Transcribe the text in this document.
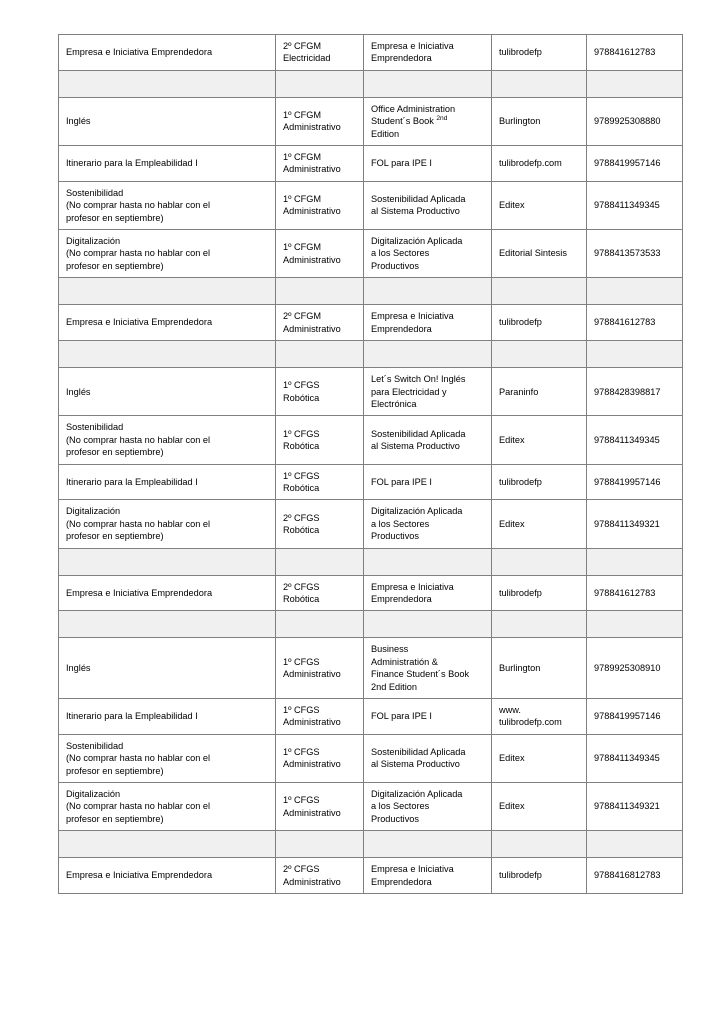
Empresa e Iniciativa Emprendedora	2º CFGM
Electricidad	Empresa e Iniciativa
Emprendedora	tulibrodefp	978841612783

Inglés	1º CFGM
Administrativo	Office Administration
Student´s Book $^{2nd}$
Edition	Burlington	9789925308880

Itinerario para la Empleabilidad I	1º CFGM
Administrativo	FOL para IPE I	tulibrodefp.com	9788419957146

Sostenibilidad
(No comprar hasta no hablar con el
profesor en septiembre)	1º CFGM
Administrativo	Sostenibilidad Aplicada
al Sistema Productivo	Editex	9788411349345

Digitalización
(No comprar hasta no hablar con el
profesor en septiembre)	1º CFGM
Administrativo	Digitalización Aplicada
a los Sectores
Productivos	Editorial Sintesis	9788413573533

Empresa e Iniciativa Emprendedora	2º CFGM
Administrativo	Empresa e Iniciativa
Emprendedora	tulibrodefp	978841612783

Inglés	1º CFGS
Robótica	Let´s Switch On! Inglés
para Electricidad y
Electrónica	Paraninfo	9788428398817

Sostenibilidad
(No comprar hasta no hablar con el
profesor en septiembre)	1º CFGS
Robótica	Sostenibilidad Aplicada
al Sistema Productivo	Editex	9788411349345

Itinerario para la Empleabilidad I	1º CFGS
Robótica	FOL para IPE I	tulibrodefp	9788419957146

Digitalización
(No comprar hasta no hablar con el
profesor en septiembre)	2º CFGS
Robótica	Digitalización Aplicada
a los Sectores
Productivos	Editex	9788411349321

Empresa e Iniciativa Emprendedora	2º CFGS
Robótica	Empresa e Iniciativa
Emprendedora	tulibrodefp	978841612783

Inglés	1º CFGS
Administrativo	Business
Administratión &
Finance Student´s Book
2nd Edition	Burlington	9789925308910

Itinerario para la Empleabilidad I	1º CFGS
Administrativo	FOL para IPE I	www.
tulibrodefp.com	9788419957146

Sostenibilidad
(No comprar hasta no hablar con el
profesor en septiembre)	1º CFGS
Administrativo	Sostenibilidad Aplicada
al Sistema Productivo	Editex	9788411349345

Digitalización
(No comprar hasta no hablar con el
profesor en septiembre)	1º CFGS
Administrativo	Digitalización Aplicada
a los Sectores
Productivos	Editex	9788411349321

Empresa e Iniciativa Emprendedora	2º CFGS
Administrativo	Empresa e Iniciativa
Emprendedora	tulibrodefp	9788416812783
